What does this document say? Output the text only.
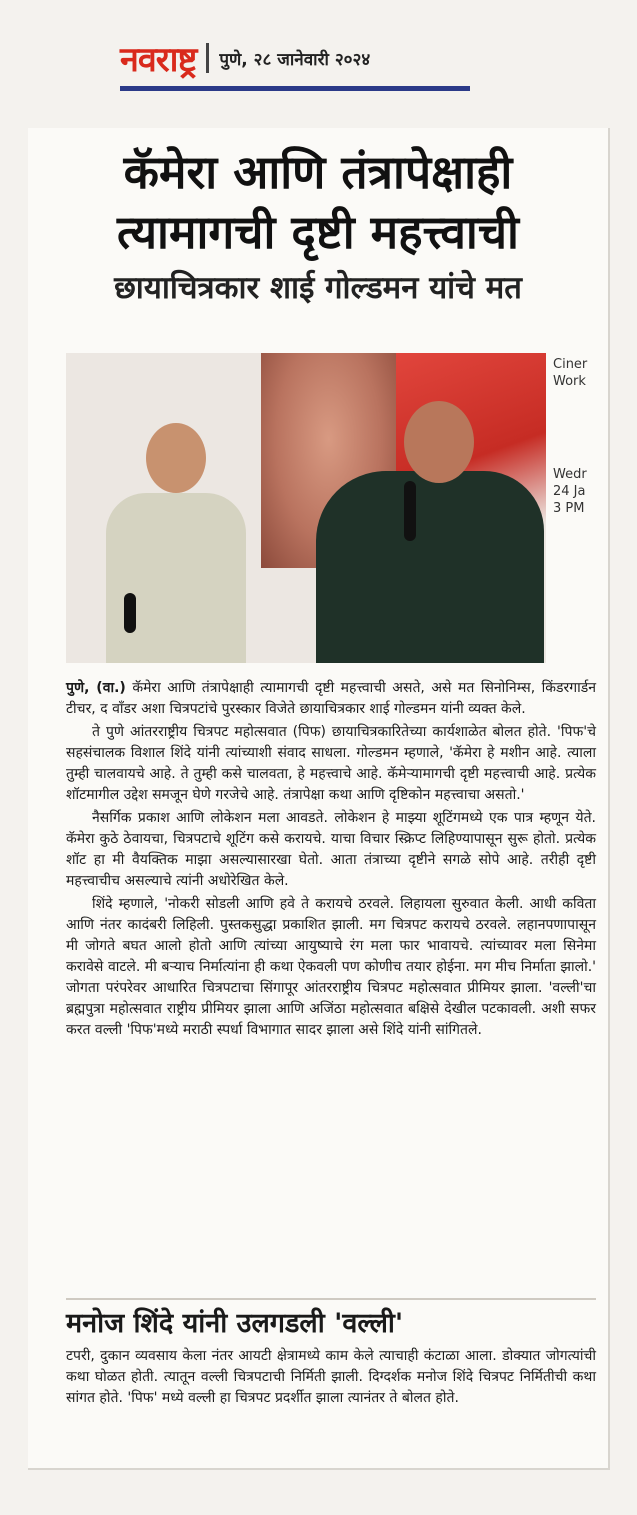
नवराष्ट्र पुणे, २८ जानेवारी २०२४
कॅमेरा आणि तंत्रापेक्षाही
त्यामागची दृष्टी महत्त्वाची
छायाचित्रकार शाई गोल्डमन यांचे मत
Ciner
Work
Wedr
24 Ja
3 PM

पुणे, (वा.) कॅमेरा आणि तंत्रापेक्षाही त्यामागची दृष्टी महत्त्वाची असते, असे मत सिनोनिम्स, किंडरगार्डन टीचर, द वाँडर अशा चित्रपटांचे पुरस्कार विजेते छायाचित्रकार शाई गोल्डमन यांनी व्यक्त केले.

ते पुणे आंतरराष्ट्रीय चित्रपट महोत्सवात (पिफ) छायाचित्रकारितेच्या कार्यशाळेत बोलत होते. 'पिफ'चे सहसंचालक विशाल शिंदे यांनी त्यांच्याशी संवाद साधला. गोल्डमन म्हणाले, 'कॅमेरा हे मशीन आहे. त्याला तुम्ही चालवायचे आहे. ते तुम्ही कसे चालवता, हे महत्त्वाचे आहे. कॅमेऱ्यामागची दृष्टी महत्त्वाची आहे. प्रत्येक शॉटमागील उद्देश समजून घेणे गरजेचे आहे. तंत्रापेक्षा कथा आणि दृष्टिकोन महत्त्वाचा असतो.'

नैसर्गिक प्रकाश आणि लोकेशन मला आवडते. लोकेशन हे माझ्या शूटिंगमध्ये एक पात्र म्हणून येते. कॅमेरा कुठे ठेवायचा, चित्रपटाचे शूटिंग कसे करायचे. याचा विचार स्क्रिप्ट लिहिण्यापासून सुरू होतो. प्रत्येक शॉट हा मी वैयक्तिक माझा असल्यासारखा घेतो. आता तंत्राच्या दृष्टीने सगळे सोपे आहे. तरीही दृष्टी महत्त्वाचीच असल्याचे त्यांनी अधोरेखित केले.

शिंदे म्हणाले, 'नोकरी सोडली आणि हवे ते करायचे ठरवले. लिहायला सुरुवात केली. आधी कविता आणि नंतर कादंबरी लिहिली. पुस्तकसुद्धा प्रकाशित झाली. मग चित्रपट करायचे ठरवले. लहानपणापासून मी जोगते बघत आलो होतो आणि त्यांच्या आयुष्याचे रंग मला फार भावायचे. त्यांच्यावर मला सिनेमा करावेसे वाटले. मी बऱ्याच निर्मात्यांना ही कथा ऐकवली पण कोणीच तयार होईना. मग मीच निर्माता झालो.' जोगता परंपरेवर आधारित चित्रपटाचा सिंगापूर आंतरराष्ट्रीय चित्रपट महोत्सवात प्रीमियर झाला. 'वल्ली'चा ब्रह्मपुत्रा महोत्सवात राष्ट्रीय प्रीमियर झाला आणि अजिंठा महोत्सवात बक्षिसे देखील पटकावली. अशी सफर करत वल्ली 'पिफ'मध्ये मराठी स्पर्धा विभागात सादर झाला असे शिंदे यांनी सांगितले.

मनोज शिंदे यांनी उलगडली 'वल्ली'
टपरी, दुकान व्यवसाय केला नंतर आयटी क्षेत्रामध्ये काम केले त्याचाही कंटाळा आला. डोक्यात जोगत्यांची कथा घोळत होती. त्यातून वल्ली चित्रपटाची निर्मिती झाली. दिग्दर्शक मनोज शिंदे चित्रपट निर्मितीची कथा सांगत होते. 'पिफ' मध्ये वल्ली हा चित्रपट प्रदर्शीत झाला त्यानंतर ते बोलत होते.
